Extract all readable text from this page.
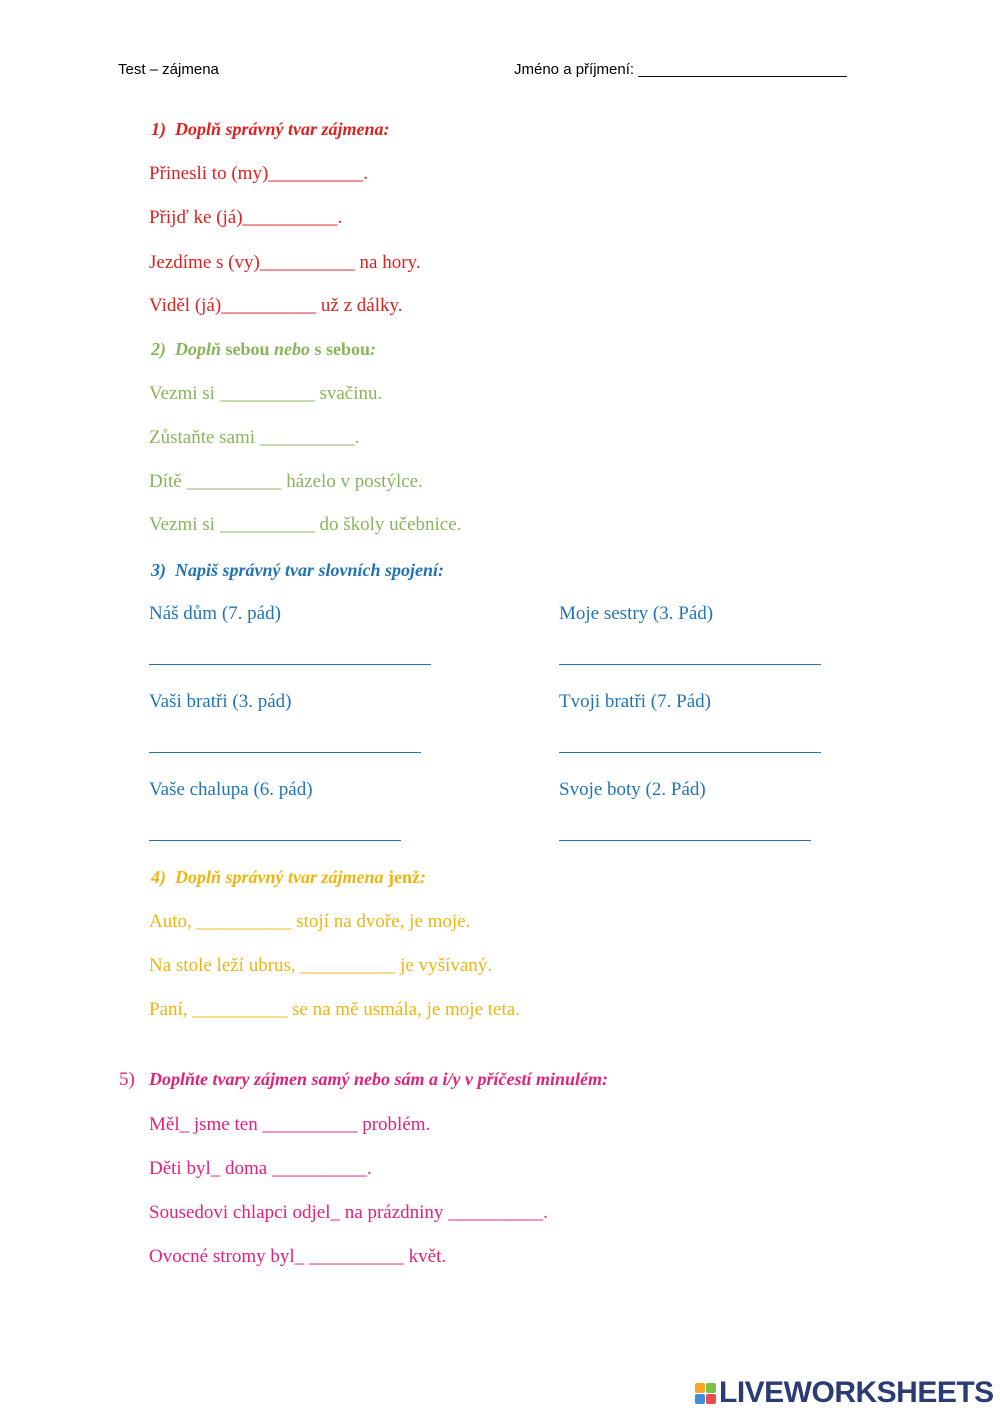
Test – zájmena	Jméno a příjmení: _________________________
1)  Doplň správný tvar zájmena:
Přinesli to (my)__________.
Přijď ke (já)__________.
Jezdíme s (vy)__________ na hory.
Viděl (já)__________ už z dálky.
2)  Doplň sebou nebo s sebou:
Vezmi si __________ svačinu.
Zůstaňte sami __________.
Dítě __________ házelo v postýlce.
Vezmi si __________ do školy učebnice.
3)  Napiš správný tvar slovních spojení:
Náš dům (7. pád)	Moje sestry (3. Pád)
Vaši bratři (3. pád)	Tvoji bratři (7. Pád)
Vaše chalupa (6. pád)	Svoje boty (2. Pád)
4)  Doplň správný tvar zájmena jenž:
Auto, __________ stojí na dvoře, je moje.
Na stole leží ubrus, __________ je vyšívaný.
Paní, __________ se na mě usmála, je moje teta.
5) Doplňte tvary zájmen samý nebo sám a i/y v příčestí minulém:
Měl_ jsme ten __________ problém.
Děti byl_ doma __________.
Sousedovi chlapci odjel_ na prázdniny __________.
Ovocné stromy byl_ __________ květ.
LIVEWORKSHEETS
